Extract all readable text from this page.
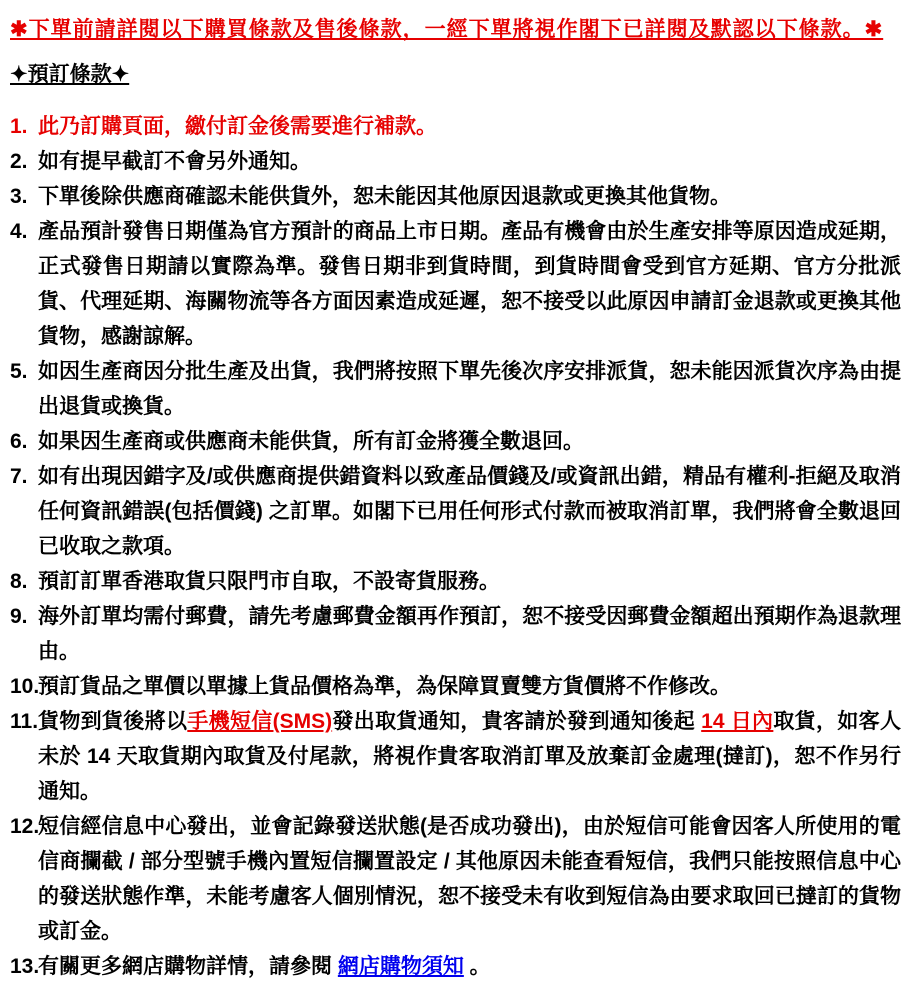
✱下單前請詳閱以下購買條款及售後條款，一經下單將視作閣下已詳閱及默認以下條款。✱
✦預訂條款✦
1. 此乃訂購頁面，繳付訂金後需要進行補款。
2. 如有提早截訂不會另外通知。
3. 下單後除供應商確認未能供貨外，恕未能因其他原因退款或更換其他貨物。
4. 產品預計發售日期僅為官方預計的商品上市日期。產品有機會由於生產安排等原因造成延期，正式發售日期請以實際為準。發售日期非到貨時間，到貨時間會受到官方延期、官方分批派貨、代理延期、海關物流等各方面因素造成延遲，恕不接受以此原因申請訂金退款或更換其他貨物，感謝諒解。
5. 如因生產商因分批生產及出貨，我們將按照下單先後次序安排派貨，恕未能因派貨次序為由提出退貨或換貨。
6. 如果因生產商或供應商未能供貨，所有訂金將獲全數退回。
7. 如有出現因錯字及/或供應商提供錯資料以致產品價錢及/或資訊出錯，精品有權利-拒絕及取消任何資訊錯誤(包括價錢) 之訂單。如閣下已用任何形式付款而被取消訂單，我們將會全數退回已收取之款項。
8. 預訂訂單香港取貨只限門市自取，不設寄貨服務。
9. 海外訂單均需付郵費，請先考慮郵費金額再作預訂，恕不接受因郵費金額超出預期作為退款理由。
10.
預訂貨品之單價以單據上貨品價格為準，為保障買賣雙方貨價將不作修改。
11. 貨物到貨後將以手機短信(SMS)發出取貨通知，貴客請於發到通知後起 14 日內取貨，如客人未於 14 天取貨期內取貨及付尾款，將視作貴客取消訂單及放棄訂金處理(撻訂)，恕不作另行通知。
12.
短信經信息中心發出，並會記錄發送狀態(是否成功發出)，由於短信可能會因客人所使用的電信商攔截 / 部分型號手機內置短信攔置設定 / 其他原因未能查看短信，我們只能按照信息中心的發送狀態作準，未能考慮客人個別情況，恕不接受未有收到短信為由要求取回已撻訂的貨物或訂金。
13.
有關更多網店購物詳情，請參閱 網店購物須知 。
